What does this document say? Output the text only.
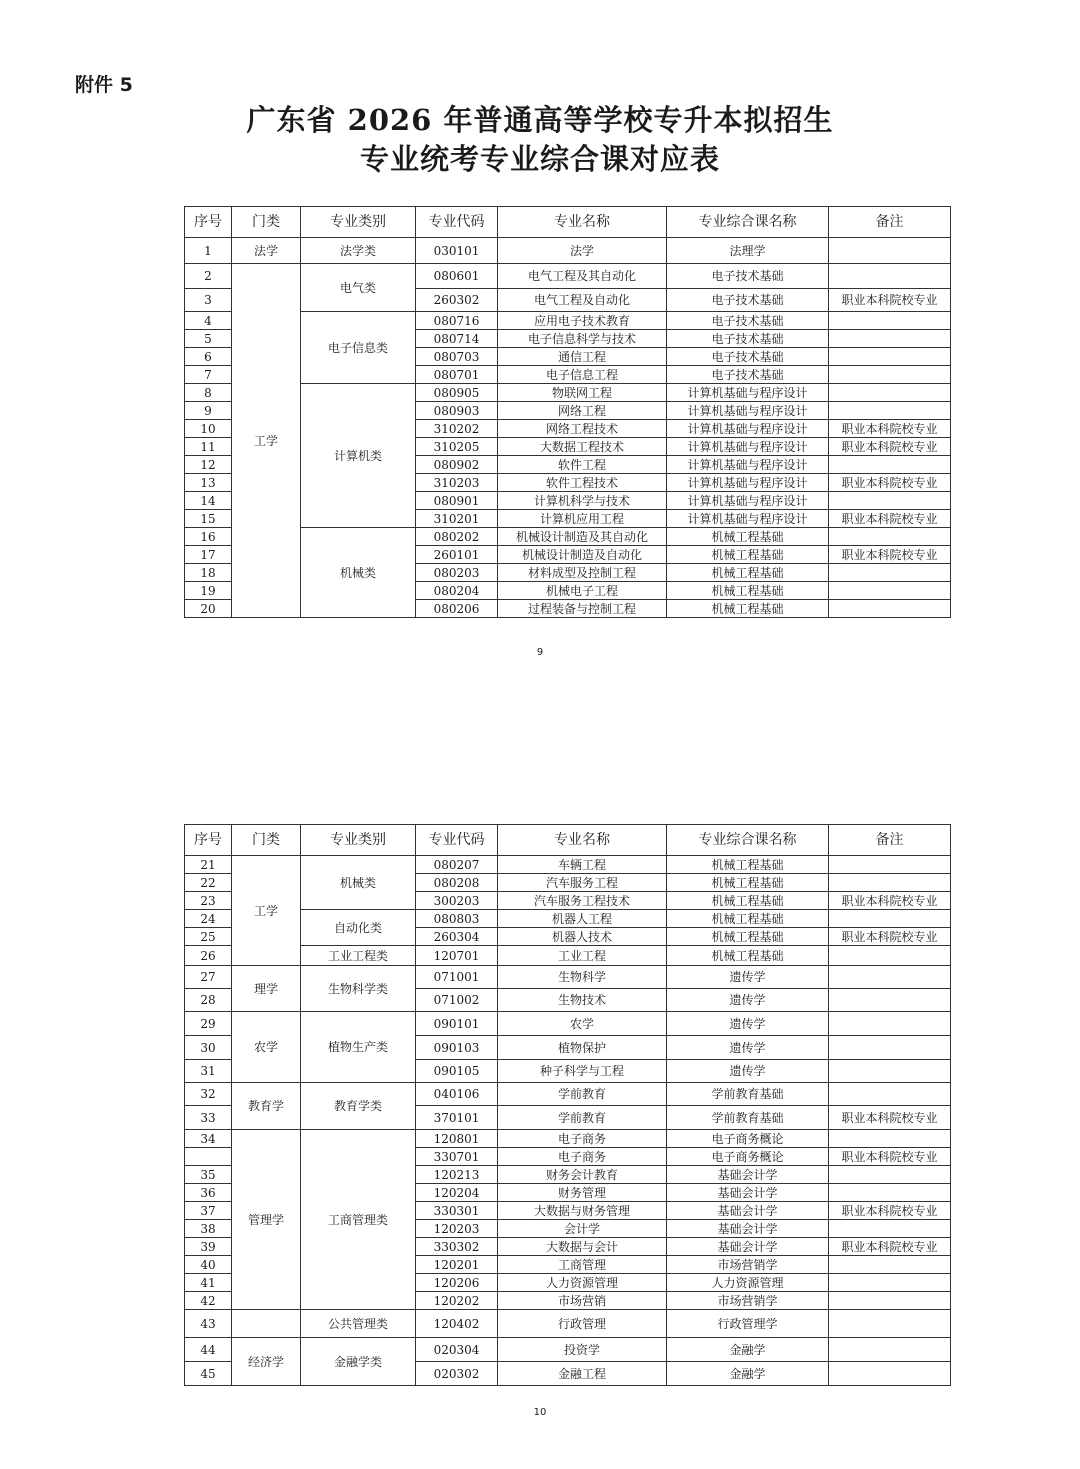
附件 5
广东省 2026 年普通高等学校专升本拟招生
专业统考专业综合课对应表
序号	门类	专业类别	专业代码	专业名称	专业综合课名称	备注
1	法学	法学类	030101	法学	法理学	
2	工学	电气类	080601	电气工程及其自动化	电子技术基础	
3			260302	电气工程及自动化	电子技术基础	职业本科院校专业
4		电子信息类	080716	应用电子技术教育	电子技术基础	
5			080714	电子信息科学与技术	电子技术基础	
6			080703	通信工程	电子技术基础	
7			080701	电子信息工程	电子技术基础	
8		计算机类	080905	物联网工程	计算机基础与程序设计	
9			080903	网络工程	计算机基础与程序设计	
10			310202	网络工程技术	计算机基础与程序设计	职业本科院校专业
11			310205	大数据工程技术	计算机基础与程序设计	职业本科院校专业
12			080902	软件工程	计算机基础与程序设计	
13			310203	软件工程技术	计算机基础与程序设计	职业本科院校专业
14			080901	计算机科学与技术	计算机基础与程序设计	
15			310201	计算机应用工程	计算机基础与程序设计	职业本科院校专业
16		机械类	080202	机械设计制造及其自动化	机械工程基础	
17			260101	机械设计制造及自动化	机械工程基础	职业本科院校专业
18			080203	材料成型及控制工程	机械工程基础	
19			080204	机械电子工程	机械工程基础	
20			080206	过程装备与控制工程	机械工程基础	
9
序号	门类	专业类别	专业代码	专业名称	专业综合课名称	备注
21	工学	机械类	080207	车辆工程	机械工程基础	
22			080208	汽车服务工程	机械工程基础	
23			300203	汽车服务工程技术	机械工程基础	职业本科院校专业
24		自动化类	080803	机器人工程	机械工程基础	
25			260304	机器人技术	机械工程基础	职业本科院校专业
26		工业工程类	120701	工业工程	机械工程基础	
27	理学	生物科学类	071001	生物科学	遗传学	
28			071002	生物技术	遗传学	
29	农学	植物生产类	090101	农学	遗传学	
30			090103	植物保护	遗传学	
31			090105	种子科学与工程	遗传学	
32	教育学	教育学类	040106	学前教育	学前教育基础	
33			370101	学前教育	学前教育基础	职业本科院校专业
34	管理学	工商管理类	120801	电子商务	电子商务概论	
			330701	电子商务	电子商务概论	职业本科院校专业
35			120213	财务会计教育	基础会计学	
36			120204	财务管理	基础会计学	
37			330301	大数据与财务管理	基础会计学	职业本科院校专业
38			120203	会计学	基础会计学	
39			330302	大数据与会计	基础会计学	职业本科院校专业
40			120201	工商管理	市场营销学	
41			120206	人力资源管理	人力资源管理	
42			120202	市场营销	市场营销学	
43		公共管理类	120402	行政管理	行政管理学	
44	经济学	金融学类	020304	投资学	金融学	
45			020302	金融工程	金融学	
10
